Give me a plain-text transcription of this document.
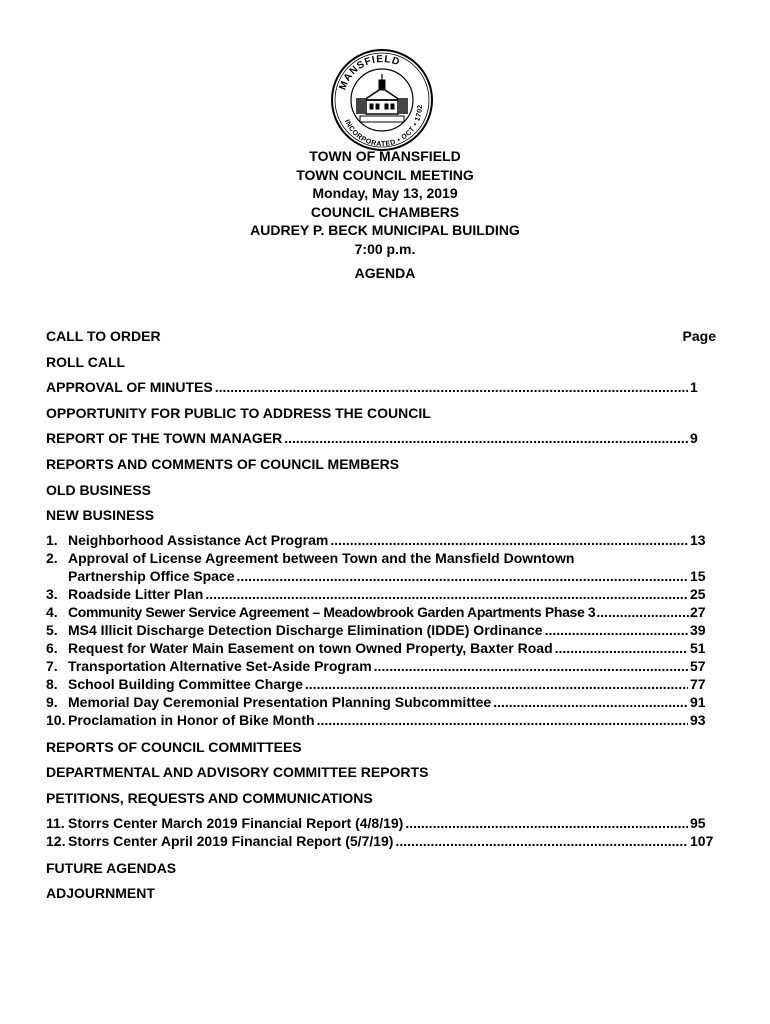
MANSFIELD
INCORPORATED • OCT • 1702
TOWN OF MANSFIELD
TOWN COUNCIL MEETING
Monday, May 13, 2019
COUNCIL CHAMBERS
AUDREY P. BECK MUNICIPAL BUILDING
7:00 p.m.
AGENDA
CALL TO ORDER	Page
ROLL CALL
APPROVAL OF MINUTES .....	1
OPPORTUNITY FOR PUBLIC TO ADDRESS THE COUNCIL
REPORT OF THE TOWN MANAGER .....	9
REPORTS AND COMMENTS OF COUNCIL MEMBERS
OLD BUSINESS
NEW BUSINESS
1. Neighborhood Assistance Act Program .....	13
2. Approval of License Agreement between Town and the Mansfield Downtown
Partnership Office Space .....	15
3. Roadside Litter Plan .....	25
4. Community Sewer Service Agreement – Meadowbrook Garden Apartments Phase 3 .....	27
5. MS4 Illicit Discharge Detection Discharge Elimination (IDDE) Ordinance .....	39
6. Request for Water Main Easement on town Owned Property, Baxter Road .....	51
7. Transportation Alternative Set-Aside Program .....	57
8. School Building Committee Charge .....	77
9. Memorial Day Ceremonial Presentation Planning Subcommittee .....	91
10. Proclamation in Honor of Bike Month .....	93
REPORTS OF COUNCIL COMMITTEES
DEPARTMENTAL AND ADVISORY COMMITTEE REPORTS
PETITIONS, REQUESTS AND COMMUNICATIONS
11. Storrs Center March 2019 Financial Report (4/8/19) .....	95
12. Storrs Center April 2019 Financial Report (5/7/19) .....	107
FUTURE AGENDAS
ADJOURNMENT
